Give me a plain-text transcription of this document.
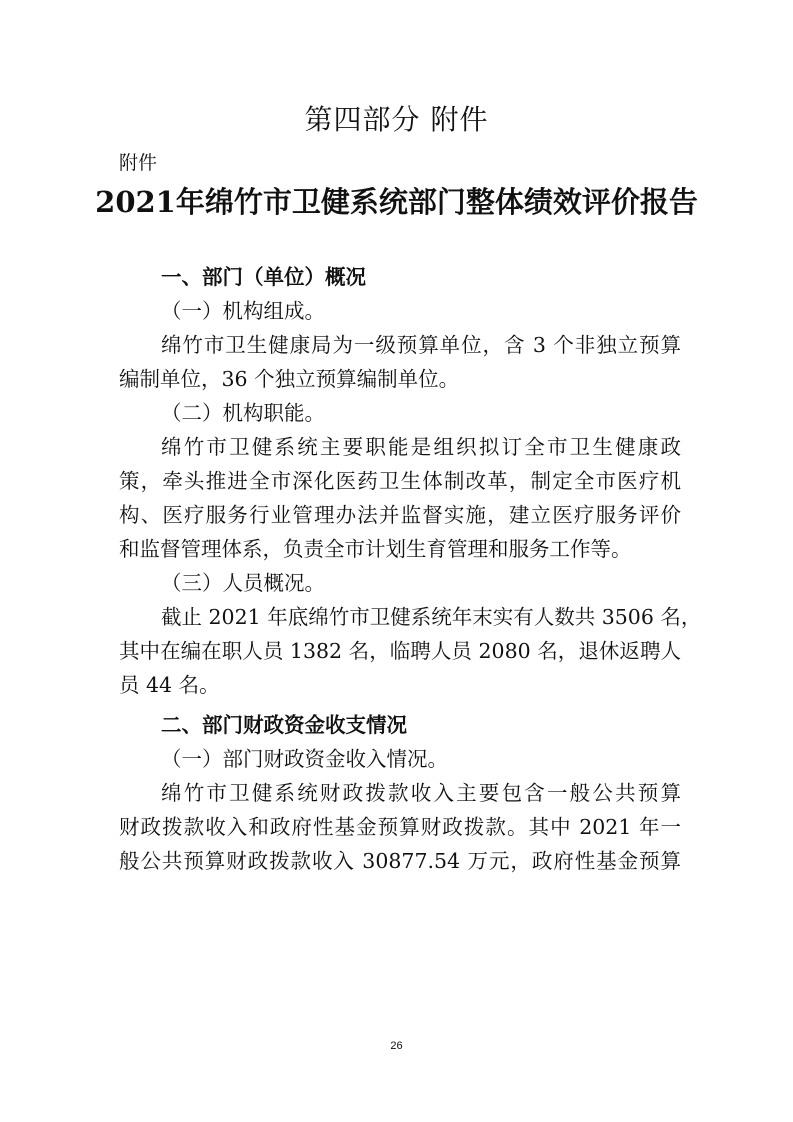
第四部分 附件

附件

2021年绵竹市卫健系统部门整体绩效评价报告

一、部门（单位）概况

（一）机构组成。

绵竹市卫生健康局为一级预算单位，含 3 个非独立预算

编制单位，36 个独立预算编制单位。

（二）机构职能。

绵竹市卫健系统主要职能是组织拟订全市卫生健康政

策，牵头推进全市深化医药卫生体制改革，制定全市医疗机

构、医疗服务行业管理办法并监督实施，建立医疗服务评价

和监督管理体系，负责全市计划生育管理和服务工作等。

（三）人员概况。

截止 2021 年底绵竹市卫健系统年末实有人数共 3506 名，

其中在编在职人员 1382 名，临聘人员 2080 名，退休返聘人

员 44 名。

二、部门财政资金收支情况

（一）部门财政资金收入情况。

绵竹市卫健系统财政拨款收入主要包含一般公共预算

财政拨款收入和政府性基金预算财政拨款。其中 2021 年一

般公共预算财政拨款收入 30877.54 万元，政府性基金预算

26
